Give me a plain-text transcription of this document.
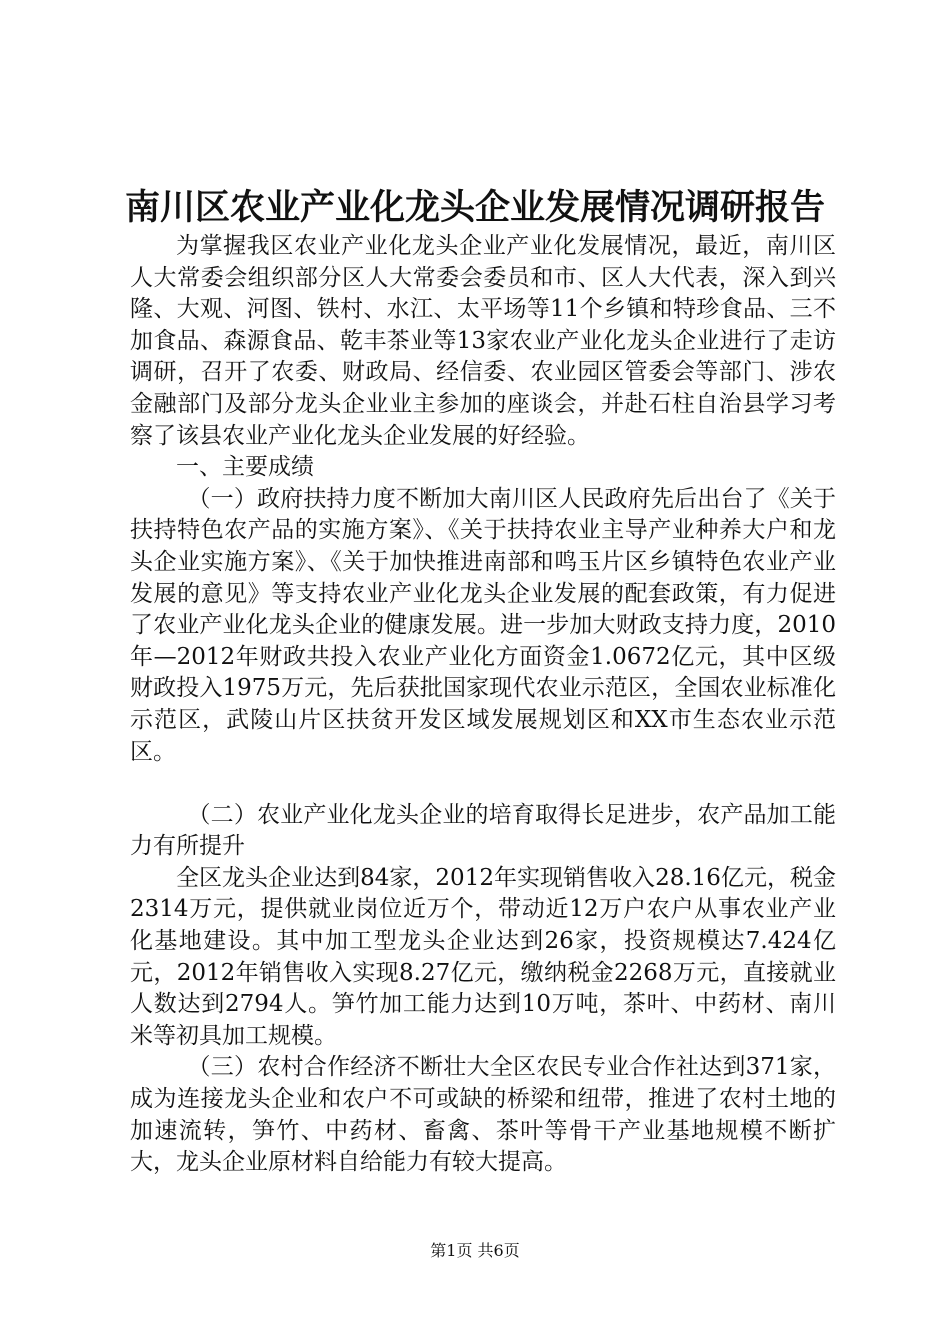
南川区农业产业化龙头企业发展情况调研报告

为掌握我区农业产业化龙头企业产业化发展情况，最近，南川区人大常委会组织部分区人大常委会委员和市、区人大代表，深入到兴隆、大观、河图、铁村、水江、太平场等11个乡镇和特珍食品、三不加食品、森源食品、乾丰茶业等13家农业产业化龙头企业进行了走访调研，召开了农委、财政局、经信委、农业园区管委会等部门、涉农金融部门及部分龙头企业业主参加的座谈会，并赴石柱自治县学习考察了该县农业产业化龙头企业发展的好经验。

一、主要成绩

（一）政府扶持力度不断加大南川区人民政府先后出台了《关于扶持特色农产品的实施方案》、《关于扶持农业主导产业种养大户和龙头企业实施方案》、《关于加快推进南部和鸣玉片区乡镇特色农业产业发展的意见》等支持农业产业化龙头企业发展的配套政策，有力促进了农业产业化龙头企业的健康发展。进一步加大财政支持力度，2010年—2012年财政共投入农业产业化方面资金1.0672亿元，其中区级财政投入1975万元，先后获批国家现代农业示范区，全国农业标准化示范区，武陵山片区扶贫开发区域发展规划区和XX市生态农业示范区。

（二）农业产业化龙头企业的培育取得长足进步，农产品加工能力有所提升

全区龙头企业达到84家，2012年实现销售收入28.16亿元，税金2314万元，提供就业岗位近万个，带动近12万户农户从事农业产业化基地建设。其中加工型龙头企业达到26家，投资规模达7.424亿元，2012年销售收入实现8.27亿元，缴纳税金2268万元，直接就业人数达到2794人。笋竹加工能力达到10万吨，茶叶、中药材、南川米等初具加工规模。

（三）农村合作经济不断壮大全区农民专业合作社达到371家，成为连接龙头企业和农户不可或缺的桥梁和纽带，推进了农村土地的加速流转，笋竹、中药材、畜禽、茶叶等骨干产业基地规模不断扩大，龙头企业原材料自给能力有较大提高。

第1页 共6页
